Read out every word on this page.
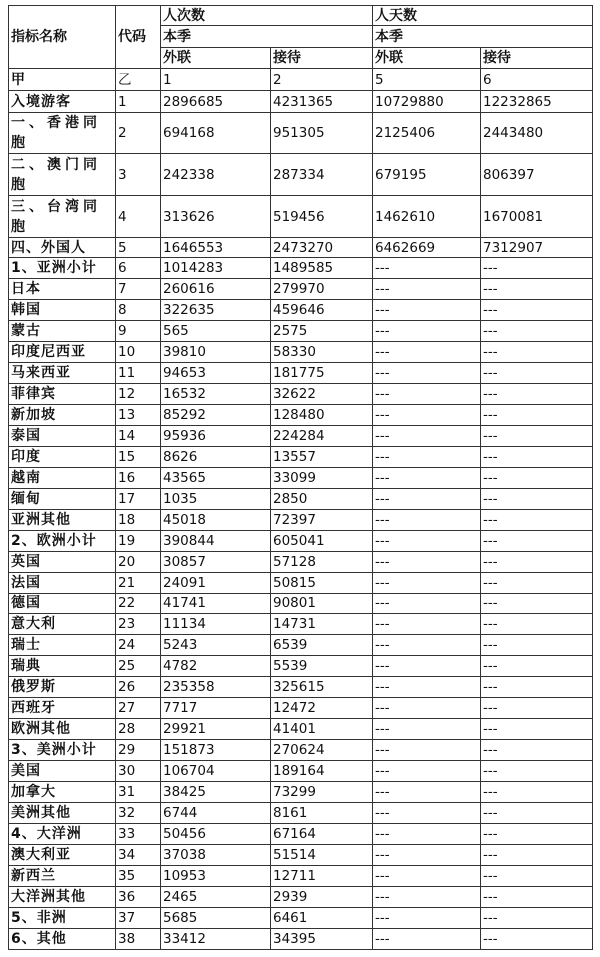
指标名称	代码	人次数		人天数	
		本季		本季	
		外联	接待	外联	接待
甲	乙	1	2	5	6
入境游客	1	2896685	4231365	10729880	12232865
一、香港同胞	2	694168	951305	2125406	2443480
二、澳门同胞	3	242338	287334	679195	806397
三、台湾同胞	4	313626	519456	1462610	1670081
四、外国人	5	1646553	2473270	6462669	7312907
1、亚洲小计	6	1014283	1489585	---	---
日本	7	260616	279970	---	---
韩国	8	322635	459646	---	---
蒙古	9	565	2575	---	---
印度尼西亚	10	39810	58330	---	---
马来西亚	11	94653	181775	---	---
菲律宾	12	16532	32622	---	---
新加坡	13	85292	128480	---	---
泰国	14	95936	224284	---	---
印度	15	8626	13557	---	---
越南	16	43565	33099	---	---
缅甸	17	1035	2850	---	---
亚洲其他	18	45018	72397	---	---
2、欧洲小计	19	390844	605041	---	---
英国	20	30857	57128	---	---
法国	21	24091	50815	---	---
德国	22	41741	90801	---	---
意大利	23	11134	14731	---	---
瑞士	24	5243	6539	---	---
瑞典	25	4782	5539	---	---
俄罗斯	26	235358	325615	---	---
西班牙	27	7717	12472	---	---
欧洲其他	28	29921	41401	---	---
3、美洲小计	29	151873	270624	---	---
美国	30	106704	189164	---	---
加拿大	31	38425	73299	---	---
美洲其他	32	6744	8161	---	---
4、大洋洲	33	50456	67164	---	---
澳大利亚	34	37038	51514	---	---
新西兰	35	10953	12711	---	---
大洋洲其他	36	2465	2939	---	---
5、非洲	37	5685	6461	---	---
6、其他	38	33412	34395	---	---
